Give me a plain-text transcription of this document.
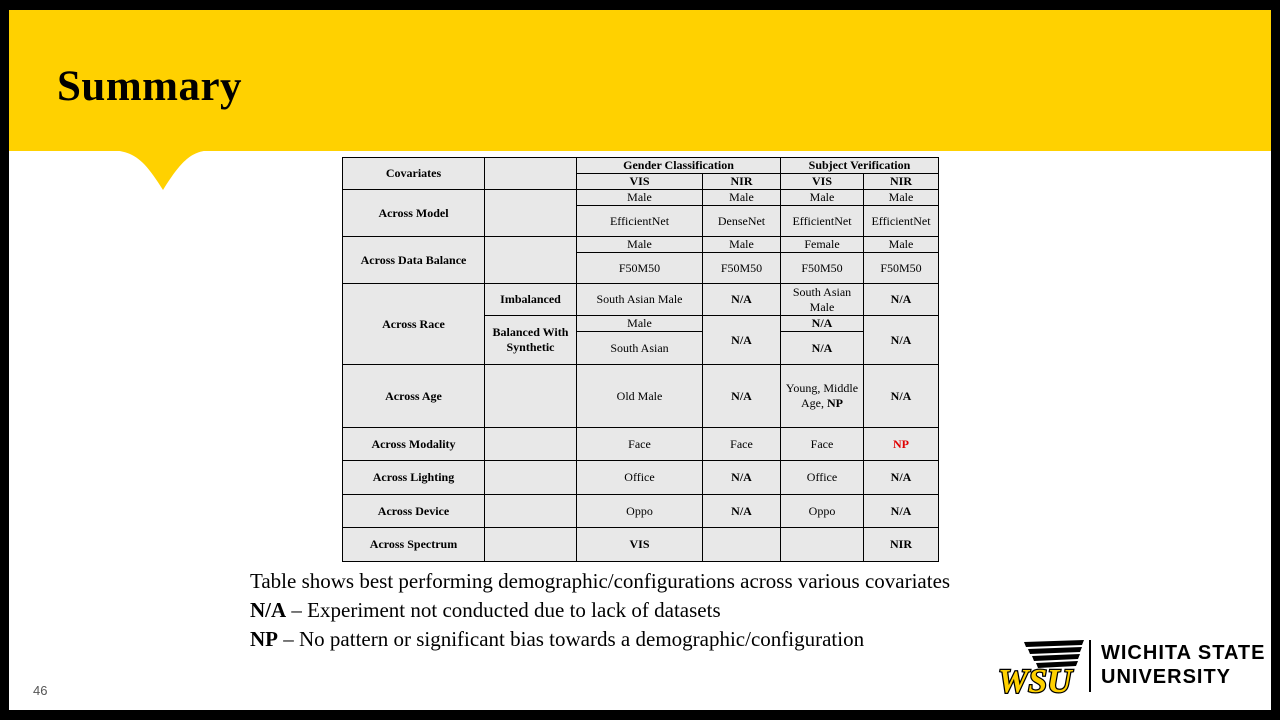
Summary
Covariates		Gender Classification		Subject Verification	
		VIS	NIR	VIS	NIR
Across Model		Male	Male	Male	Male
		EfficientNet	DenseNet	EfficientNet	EfficientNet
Across Data Balance		Male	Male	Female	Male
		F50M50	F50M50	F50M50	F50M50
Across Race	Imbalanced	South Asian Male	N/A	South Asian Male	N/A
	Balanced With Synthetic	Male	N/A	N/A	N/A
		South Asian		N/A	
Across Age		Old Male	N/A	Young, Middle Age, NP	N/A
Across Modality		Face	Face	Face	NP
Across Lighting		Office	N/A	Office	N/A
Across Device		Oppo	N/A	Oppo	N/A
Across Spectrum		VIS			NIR
Table shows best performing demographic/configurations across various covariates
N/A – Experiment not conducted due to lack of datasets
NP – No pattern or significant bias towards a demographic/configuration
46	WSU
WICHITA STATE
UNIVERSITY
